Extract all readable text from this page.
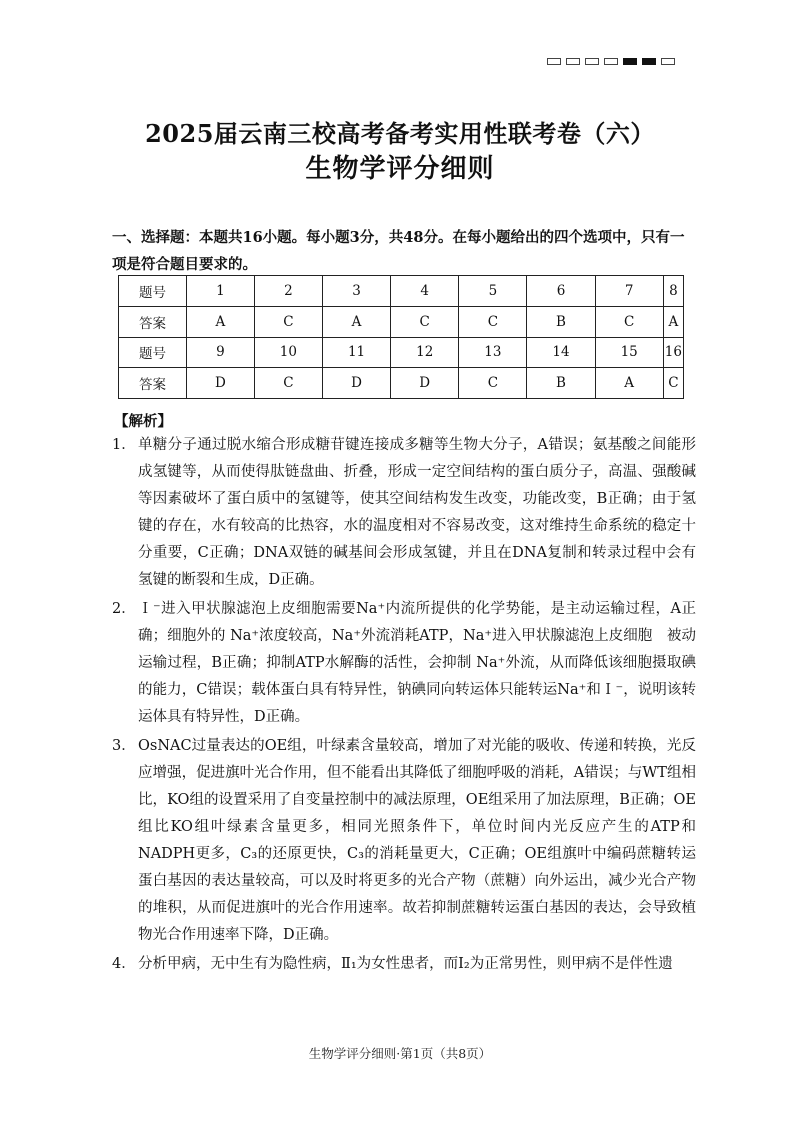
2025届云南三校高考备考实用性联考卷（六）
生物学评分细则
一、选择题：本题共16小题。每小题3分，共48分。在每小题给出的四个选项中，只有一项是符合题目要求的。
题号	1	2	3	4	5	6	7	8
答案	A	C	A	C	C	B	C	A
题号	9	10	11	12	13	14	15	16
答案	D	C	D	D	C	B	A	C
【解析】
1． 单糖分子通过脱水缩合形成糖苷键连接成多糖等生物大分子，A错误；氨基酸之间能形成氢键等，从而使得肽链盘曲、折叠，形成一定空间结构的蛋白质分子，高温、强酸碱等因素破坏了蛋白质中的氢键等，使其空间结构发生改变，功能改变，B正确；由于氢键的存在，水有较高的比热容，水的温度相对不容易改变，这对维持生命系统的稳定十分重要，C正确；DNA双链的碱基间会形成氢键，并且在DNA复制和转录过程中会有氢键的断裂和生成，D正确。

2． Ｉ⁻进入甲状腺滤泡上皮细胞需要Na⁺内流所提供的化学势能，是主动运输过程，A正确；细胞外的 Na⁺浓度较高，Na⁺外流消耗ATP，Na⁺进入甲状腺滤泡上皮细胞　被动运输过程，B正确；抑制ATP水解酶的活性，会抑制 Na⁺外流，从而降低该细胞摄取碘的能力，C错误；载体蛋白具有特异性，钠碘同向转运体只能转运Na⁺和Ｉ⁻，说明该转运体具有特异性，D正确。

3． OsNAC过量表达的OE组，叶绿素含量较高，增加了对光能的吸收、传递和转换，光反应增强，促进旗叶光合作用，但不能看出其降低了细胞呼吸的消耗，A错误；与WT组相比，KO组的设置采用了自变量控制中的减法原理，OE组采用了加法原理，B正确；OE组比KO组叶绿素含量更多，相同光照条件下，单位时间内光反应产生的ATP和NADPH更多，C₃的还原更快，C₃的消耗量更大，C正确；OE组旗叶中编码蔗糖转运蛋白基因的表达量较高，可以及时将更多的光合产物（蔗糖）向外运出，减少光合产物的堆积，从而促进旗叶的光合作用速率。故若抑制蔗糖转运蛋白基因的表达，会导致植物光合作用速率下降，D正确。

4． 分析甲病，无中生有为隐性病，Ⅱ₁为女性患者，而Ⅰ₂为正常男性，则甲病不是伴性遗

生物学评分细则·第1页（共8页）
